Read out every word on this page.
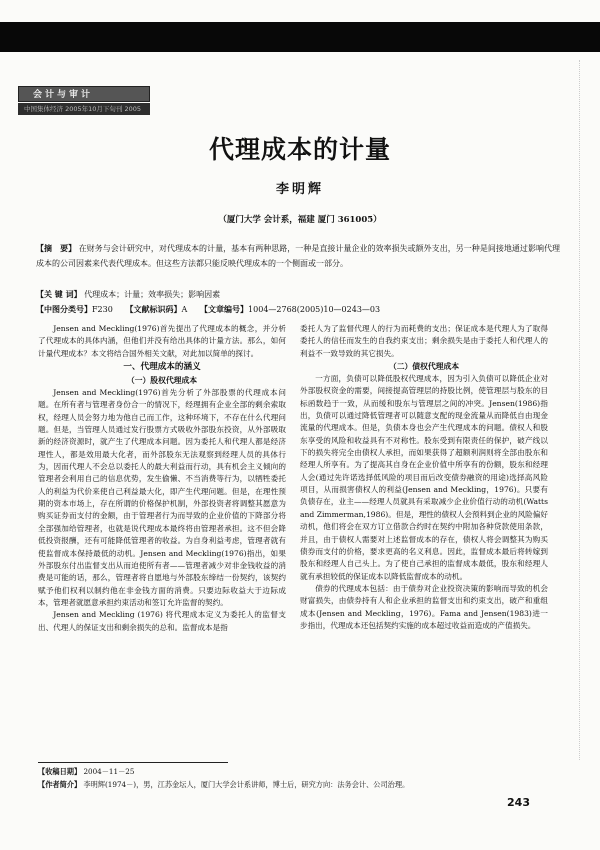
会计与审计
中国集体经济 2005年10月下旬刊 2005
代理成本的计量
李明辉
（厦门大学 会计系，福建 厦门 361005）
【摘　要】 在财务与会计研究中，对代理成本的计量，基本有两种思路，一种是直接计量企业的效率损失或额外支出，另一种是间接地通过影响代理成本的公司因素来代表代理成本。但这些方法都只能反映代理成本的一个侧面或一部分。
【关 键 词】 代理成本；计量；效率损失；影响因素
【中图分类号】F230 【文献标识码】A 【文章编号】1004—2768(2005)10—0243—03

Jensen and Meckling(1976)首先提出了代理成本的概念，并分析了代理成本的具体内涵，但他们并没有给出具体的计量方法。那么，如何计量代理成本？本文将结合国外相关文献，对此加以简单的探讨。

一、代理成本的涵义
（一）股权代理成本

Jensen and Meckling(1976)首先分析了外部股票的代理成本问题。在所有者与管理者身份合一的情况下，经理拥有企业全部的剩余索取权，经理人员会努力地为他自己而工作，这种环境下，不存在什么代理问题。但是，当管理人员通过发行股票方式吸收外部股东投资，从外部吸取新的经济资源时，就产生了代理成本问题。因为委托人和代理人都是经济理性人，都是效用最大化者，而外部股东无法观察到经理人员的具体行为，因而代理人不会总以委托人的最大利益而行动，具有机会主义倾向的管理者会利用自己的信息优势，发生偷懒、不当消费等行为，以牺牲委托人的利益为代价来使自己利益最大化，即产生代理问题。但是，在理性预期的资本市场上，存在所谓的价格保护机制，外部投资者将调整其愿意为购买证券而支付的金额，由于管理者行为而导致的企业价值的下降部分将全部强加给管理者，也就是说代理成本最终将由管理者承担。这不但会降低投资报酬，还有可能降低管理者的收益。为自身利益考虑，管理者就有使监督成本保持最低的动机。Jensen and Meckling(1976)指出，如果外部股东付出监督支出从而迫使所有者——管理者减少对非金钱收益的消费是可能的话，那么，管理者将自愿地与外部股东缔结一份契约，该契约赋予他们权利以制约他在非金钱方面的消费。只要边际收益大于边际成本，管理者就愿意承担约束活动和签订允许监督的契约。

Jensen and Meckling (1976) 将代理成本定义为委托人的监督支出、代理人的保证支出和剩余损失的总和。监督成本是指

委托人为了监督代理人的行为而耗费的支出；保证成本是代理人为了取得委托人的信任而发生的自我约束支出；剩余损失是由于委托人和代理人的利益不一致导致的其它损失。

（二）债权代理成本

一方面，负债可以降低股权代理成本，因为引入负债可以降低企业对外部股权资金的需要，间接提高管理层的持股比例，使管理层与股东的目标函数趋于一致，从而缓和股东与管理层之间的冲突。Jensen(1986)指出，负债可以通过降低管理者可以随意支配的现金流量从而降低自由现金流量的代理成本。但是，负债本身也会产生代理成本的问题。债权人和股东享受的风险和收益具有不对称性。股东受到有限责任的保护，破产线以下的损失将完全由债权人承担，而如果获得了超额利润则将全部由股东和经理人所享有。为了提高其自身在企业价值中所享有的份额，股东和经理人会(通过先许诺选择低风险的项目而后改变债券融资的用途)选择高风险项目，从而损害债权人的利益(Jensen and Meckling，1976)。只要有负债存在，业主——经理人员就具有采取减少企业价值行动的动机(Watts and Zimmerman,1986)。但是，理性的债权人会预料到企业的风险偏好动机，他们将会在双方订立借款合约时在契约中附加各种贷款使用条款，并且，由于债权人需要对上述监督成本的存在，债权人将会调整其为购买债券而支付的价格，要求更高的名义利息。因此，监督成本最后将转嫁到股东和经理人自己头上。为了使自己承担的监督成本最低，股东和经理人就有承担较低的保证成本以降低监督成本的动机。

债券的代理成本包括：由于债券对企业投资决策的影响而导致的机会财富损失，由债券持有人和企业承担的监督支出和约束支出，破产和重组成本(Jensen and Meckling，1976)。Fama and Jensen(1983)进一步指出，代理成本还包括契约实施的成本超过收益而造成的产值损失。

【收稿日期】 2004－11－25
【作者简介】 李明辉(1974－)，男，江苏金坛人，厦门大学会计系讲师，博士后，研究方向：法务会计、公司治理。
243
